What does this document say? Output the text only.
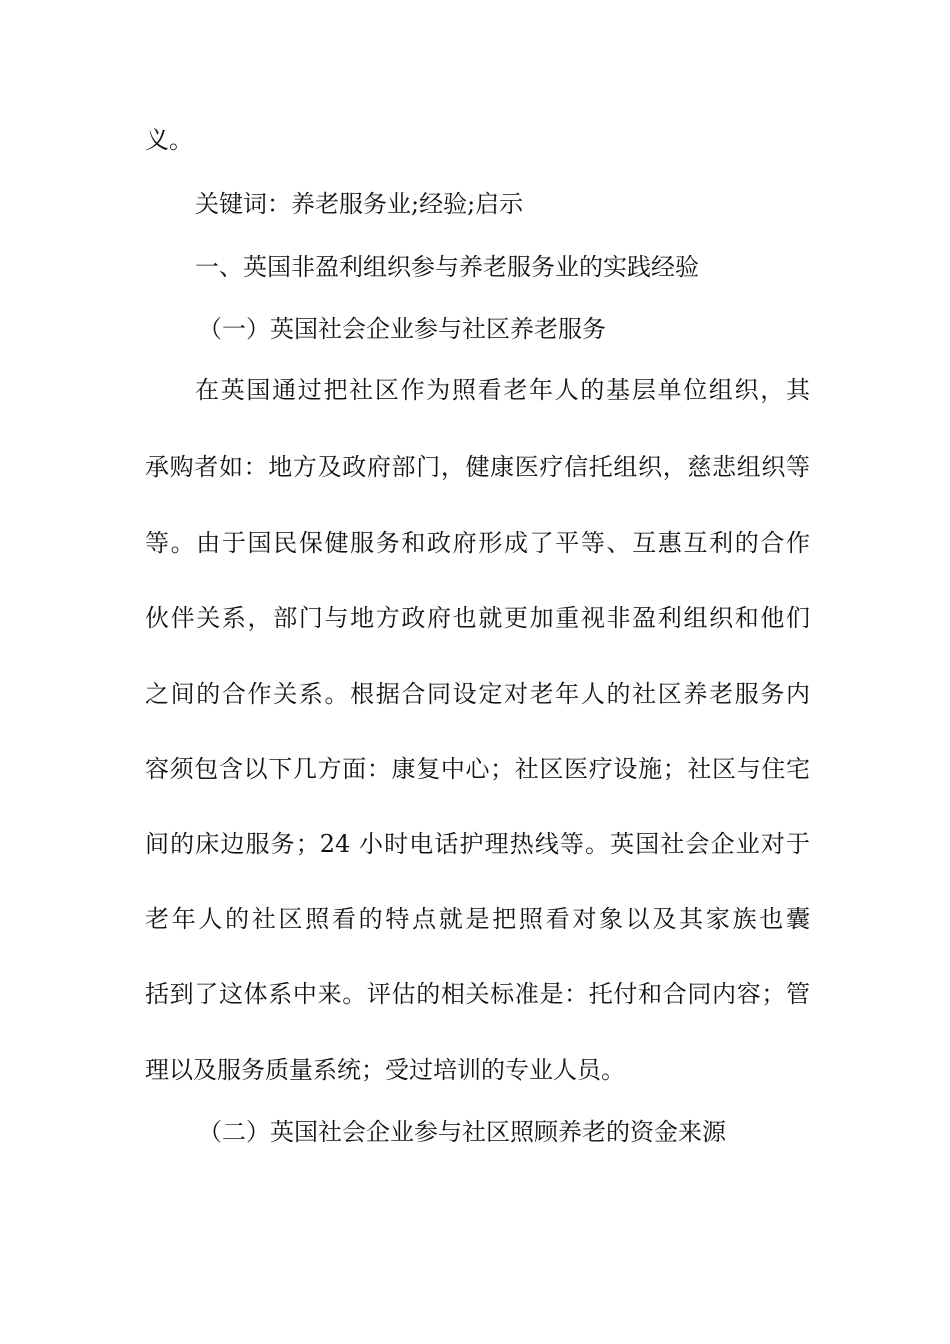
义。
关键词：养老服务业;经验;启示
一、英国非盈利组织参与养老服务业的实践经验
（一）英国社会企业参与社区养老服务
在英国通过把社区作为照看老年人的基层单位组织，其
承购者如：地方及政府部门，健康医疗信托组织，慈悲组织等
等。由于国民保健服务和政府形成了平等、互惠互利的合作
伙伴关系，部门与地方政府也就更加重视非盈利组织和他们
之间的合作关系。根据合同设定对老年人的社区养老服务内
容须包含以下几方面：康复中心；社区医疗设施；社区与住宅
间的床边服务；24 小时电话护理热线等。英国社会企业对于
老年人的社区照看的特点就是把照看对象以及其家族也囊
括到了这体系中来。评估的相关标准是：托付和合同内容；管
理以及服务质量系统；受过培训的专业人员。
（二）英国社会企业参与社区照顾养老的资金来源
